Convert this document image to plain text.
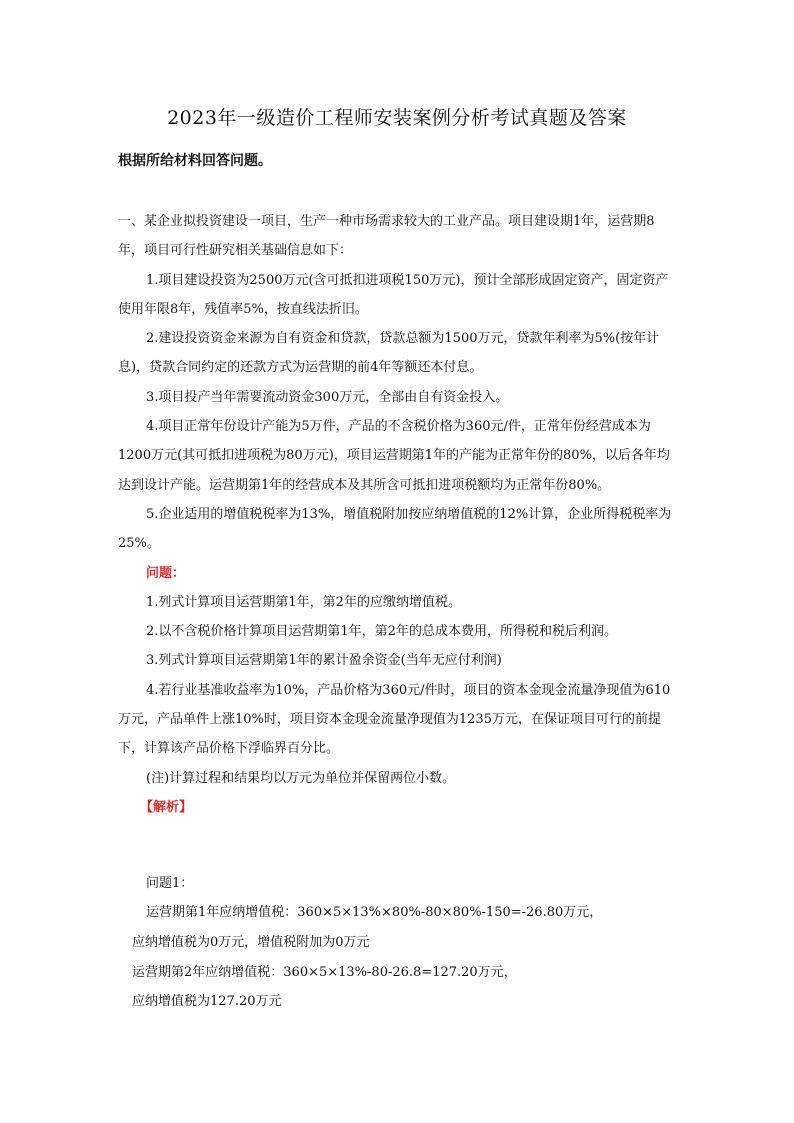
2023年一级造价工程师安装案例分析考试真题及答案
根据所给材料回答问题。

一、某企业拟投资建设一项目，生产一种市场需求较大的工业产品。项目建设期1年，运营期8年，项目可行性研究相关基础信息如下：

1.项目建设投资为2500万元(含可抵扣进项税150万元)，预计全部形成固定资产，固定资产使用年限8年，残值率5%，按直线法折旧。

2.建设投资资金来源为自有资金和贷款，贷款总额为1500万元，贷款年利率为5%(按年计息)，贷款合同约定的还款方式为运营期的前4年等额还本付息。

3.项目投产当年需要流动资金300万元，全部由自有资金投入。

4.项目正常年份设计产能为5万件，产品的不含税价格为360元/件，正常年份经营成本为1200万元(其可抵扣进项税为80万元)，项目运营期第1年的产能为正常年份的80%，以后各年均达到设计产能。运营期第1年的经营成本及其所含可抵扣进项税额均为正常年份80%。

5.企业适用的增值税税率为13%，增值税附加按应纳增值税的12%计算，企业所得税税率为25%。

问题：

1.列式计算项目运营期第1年，第2年的应缴纳增值税。

2.以不含税价格计算项目运营期第1年，第2年的总成本费用，所得税和税后利润。

3.列式计算项目运营期第1年的累计盈余资金(当年无应付利润)

4.若行业基准收益率为10%，产品价格为360元/件时，项目的资本金现金流量净现值为610万元，产品单件上涨10%时，项目资本金现金流量净现值为1235万元，在保证项目可行的前提下，计算该产品价格下浮临界百分比。

(注)计算过程和结果均以万元为单位并保留两位小数。

【解析】

问题1：
运营期第1年应纳增值税：360×5×13%×80%-80×80%-150=-26.80万元，
应纳增值税为0万元，增值税附加为0万元
运营期第2年应纳增值税：360×5×13%-80-26.8=127.20万元，
应纳增值税为127.20万元
